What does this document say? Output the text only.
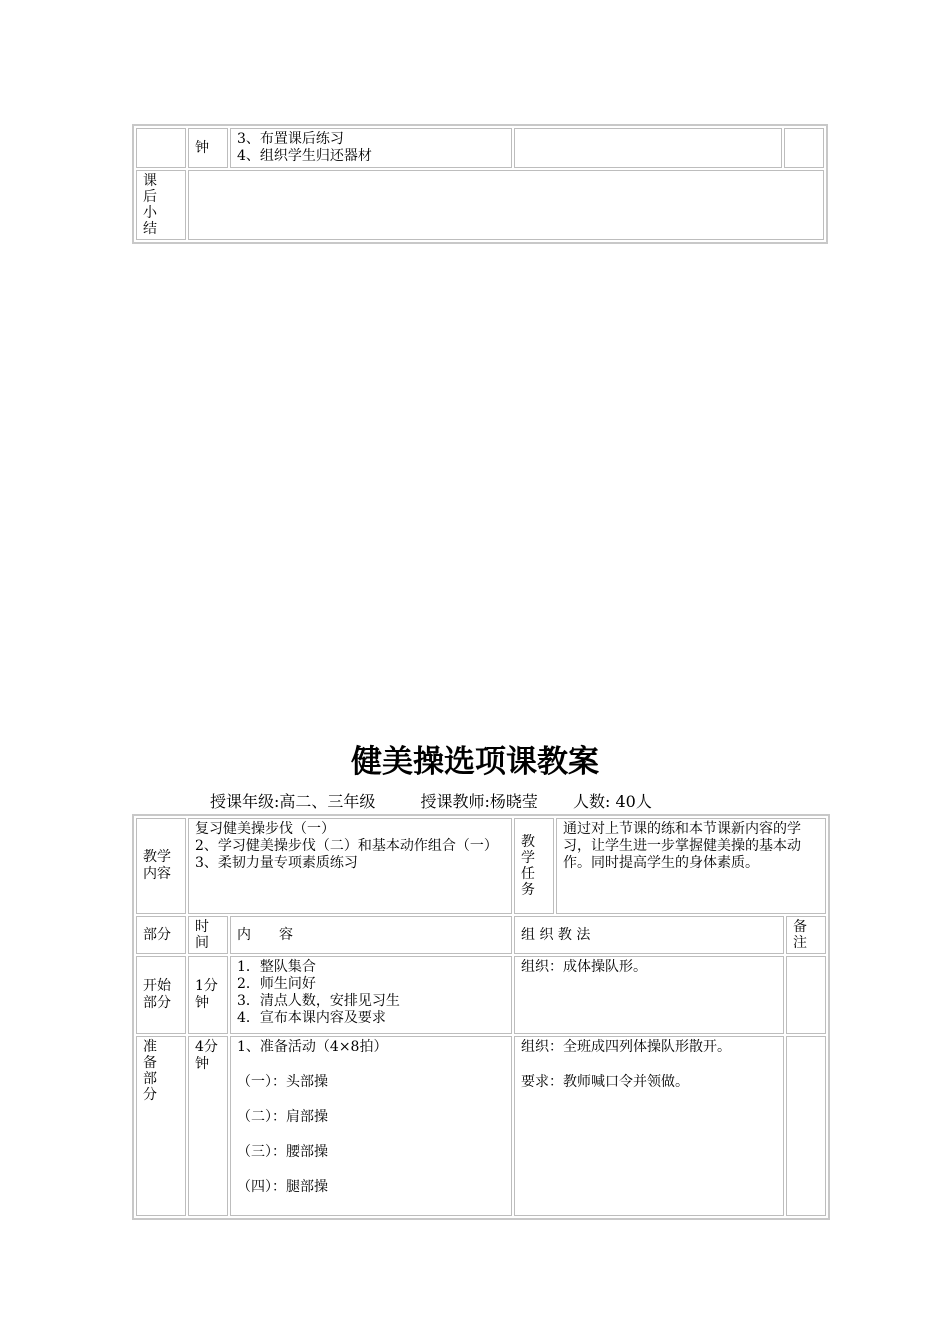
	钟	3、布置课后练习
4、组织学生归还器材		

课后小结				

健美操选项课教案
授课年级:高二、三年级	授课教师:杨晓莹 人数: 40人
教学内容	复习健美操步伐（一）
2、学习健美操步伐（二）和基本动作组合（一）
3、柔韧力量专项素质练习		教学任务	通过对上节课的练和本节课新内容的学习，让学生进一步掌握健美操的基本动作。同时提高学生的身体素质。	

部分	时间	内　　容	组 织 教 法		备注

开始部分	1分钟	1．整队集合
2．师生问好
3．清点人数，安排见习生
4．宣布本课内容及要求	组织：成体操队形。		

准备部分	4分钟	1、准备活动（4×8拍）
（一）：头部操
（二）：肩部操
（三）：腰部操
（四）：腿部操	组织：全班成四列体操队形散开。
要求：教师喊口令并领做。		
